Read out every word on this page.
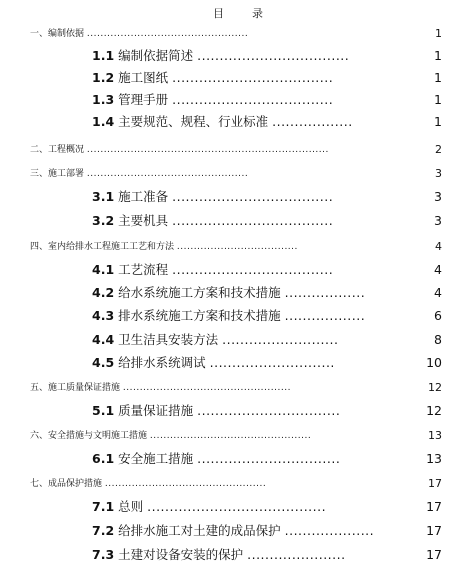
目	录
一、编制依据 ................................................	1
1.1 编制依据简述 ..................................	1
1.2 施工图纸 ....................................	1
1.3 管理手册 ....................................	1
1.4 主要规范、规程、行业标准 ..................	1
二、工程概况 ........................................................................	2
三、施工部署 ................................................	3
3.1 施工准备 ....................................	3
3.2 主要机具 ....................................	3
四、室内给排水工程施工工艺和方法 ....................................	4
4.1 工艺流程 ....................................	4
4.2 给水系统施工方案和技术措施 ..................	4
4.3 排水系统施工方案和技术措施 ..................	6
4.4 卫生洁具安装方法 ..........................	8
4.5 给排水系统调试 ............................	10
五、施工质量保证措施 ..................................................	12
5.1 质量保证措施 ................................	12
六、安全措施与文明施工措施 ................................................	13
6.1 安全施工措施 ................................	13
七、成品保护措施 ................................................	17
7.1 总则 ........................................	17
7.2 给排水施工对土建的成品保护 ....................	17
7.3 土建对设备安装的保护 ......................	17
